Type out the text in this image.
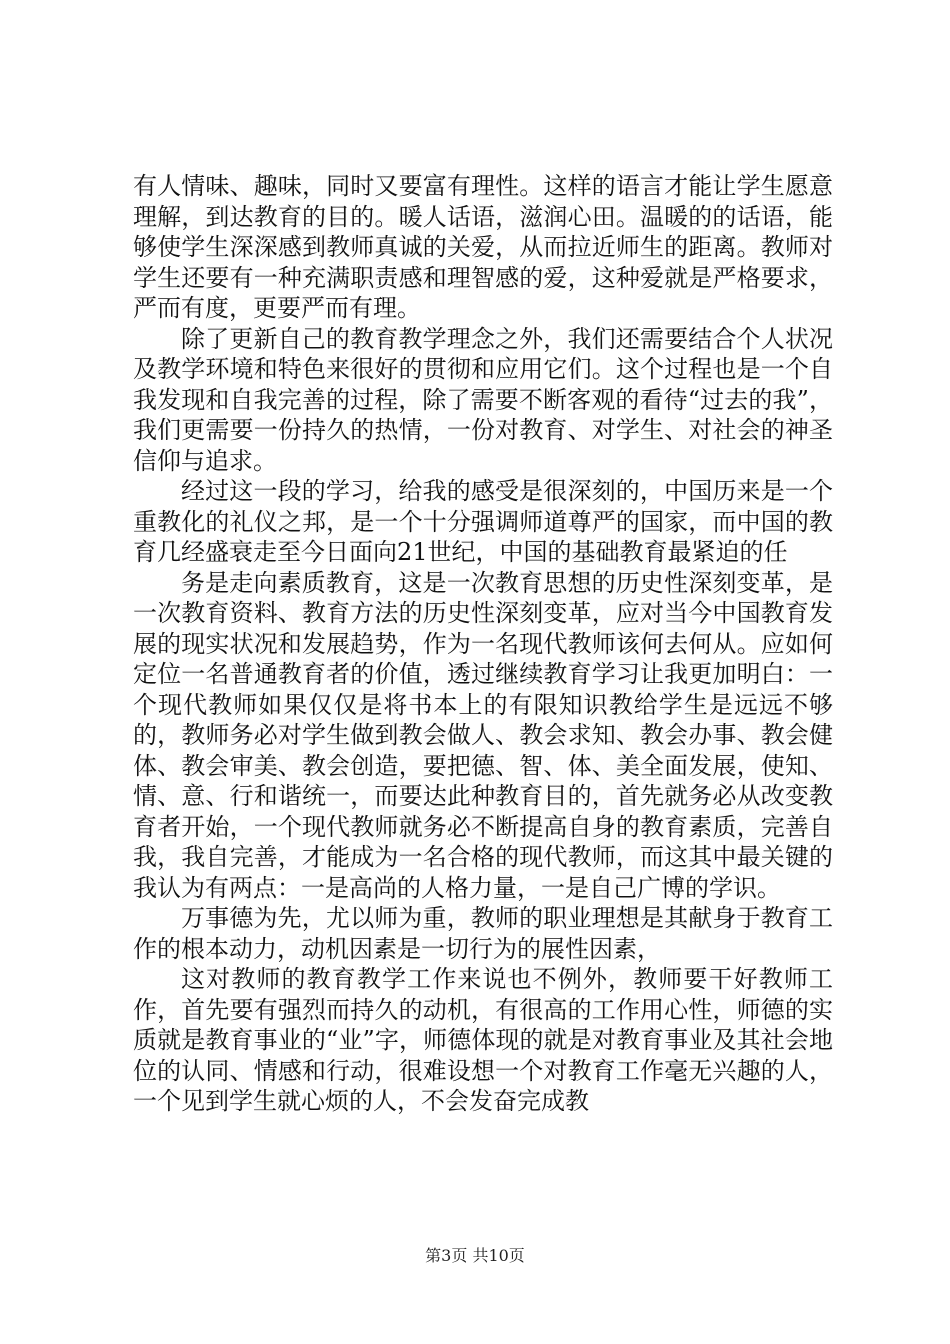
有人情味、趣味，同时又要富有理性。这样的语言才能让学生愿意理解，到达教育的目的。暖人话语，滋润心田。温暖的的话语，能够使学生深深感到教师真诚的关爱，从而拉近师生的距离。教师对学生还要有一种充满职责感和理智感的爱，这种爱就是严格要求，严而有度，更要严而有理。

除了更新自己的教育教学理念之外，我们还需要结合个人状况及教学环境和特色来很好的贯彻和应用它们。这个过程也是一个自我发现和自我完善的过程，除了需要不断客观的看待“过去的我”，我们更需要一份持久的热情，一份对教育、对学生、对社会的神圣信仰与追求。

经过这一段的学习，给我的感受是很深刻的，中国历来是一个重教化的礼仪之邦，是一个十分强调师道尊严的国家，而中国的教育几经盛衰走至今日面向21世纪，中国的基础教育最紧迫的任

务是走向素质教育，这是一次教育思想的历史性深刻变革，是一次教育资料、教育方法的历史性深刻变革，应对当今中国教育发展的现实状况和发展趋势，作为一名现代教师该何去何从。应如何定位一名普通教育者的价值，透过继续教育学习让我更加明白：一个现代教师如果仅仅是将书本上的有限知识教给学生是远远不够的，教师务必对学生做到教会做人、教会求知、教会办事、教会健体、教会审美、教会创造，要把德、智、体、美全面发展，使知、情、意、行和谐统一，而要达此种教育目的，首先就务必从改变教育者开始，一个现代教师就务必不断提高自身的教育素质，完善自我，我自完善，才能成为一名合格的现代教师，而这其中最关键的我认为有两点：一是高尚的人格力量，一是自己广博的学识。

万事德为先，尤以师为重，教师的职业理想是其献身于教育工作的根本动力，动机因素是一切行为的展性因素，

这对教师的教育教学工作来说也不例外，教师要干好教师工作，首先要有强烈而持久的动机，有很高的工作用心性，师德的实质就是教育事业的“业”字，师德体现的就是对教育事业及其社会地位的认同、情感和行动，很难设想一个对教育工作毫无兴趣的人，一个见到学生就心烦的人，不会发奋完成教

第3页 共10页
